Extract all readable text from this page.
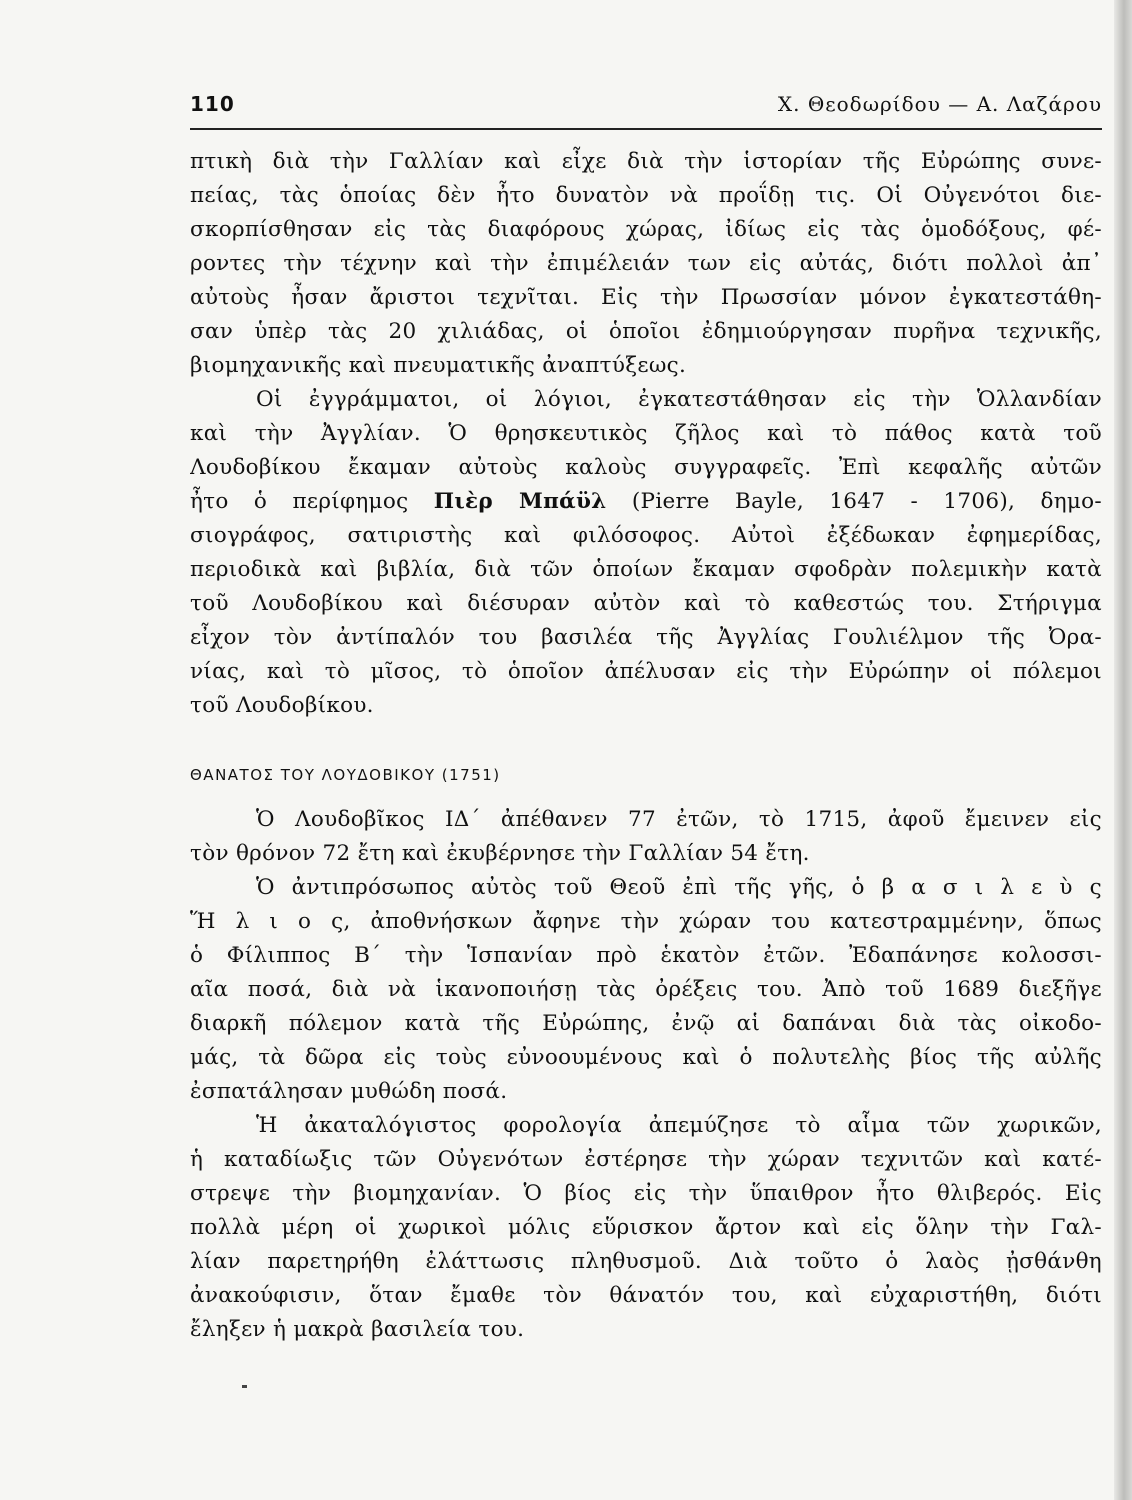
110	Χ. Θεοδωρίδου — Α. Λαζάρου
πτικὴ διὰ τὴν Γαλλίαν καὶ εἶχε διὰ τὴν ἱστορίαν τῆς Εὐρώπης συνε-
πείας, τὰς ὁποίας δὲν ἦτο δυνατὸν νὰ προΐδῃ τις. Οἱ Οὐγενότοι διε-
σκορπίσθησαν εἰς τὰς διαφόρους χώρας, ἰδίως εἰς τὰς ὁμοδόξους, φέ-
ροντες τὴν τέχνην καὶ τὴν ἐπιμέλειάν των εἰς αὐτάς, διότι πολλοὶ ἀπ᾽
αὐτοὺς ἦσαν ἄριστοι τεχνῖται. Εἰς τὴν Πρωσσίαν μόνον ἐγκατεστάθη-
σαν ὑπὲρ τὰς 20 χιλιάδας, οἱ ὁποῖοι ἐδημιούργησαν πυρῆνα τεχνικῆς,
βιομηχανικῆς καὶ πνευματικῆς ἀναπτύξεως.
Οἱ ἐγγράμματοι, οἱ λόγιοι, ἐγκατεστάθησαν εἰς τὴν Ὁλλανδίαν
καὶ τὴν Ἀγγλίαν. Ὁ θρησκευτικὸς ζῆλος καὶ τὸ πάθος κατὰ τοῦ
Λουδοβίκου ἔκαμαν αὐτοὺς καλοὺς συγγραφεῖς. Ἐπὶ κεφαλῆς αὐτῶν
ἦτο ὁ περίφημος Πιὲρ Μπάϋλ (Pierre Bayle, 1647 - 1706), δημο-
σιογράφος, σατιριστὴς καὶ φιλόσοφος. Αὐτοὶ ἐξέδωκαν ἐφημερίδας,
περιοδικὰ καὶ βιβλία, διὰ τῶν ὁποίων ἔκαμαν σφοδρὰν πολεμικὴν κατὰ
τοῦ Λουδοβίκου καὶ διέσυραν αὐτὸν καὶ τὸ καθεστώς του. Στήριγμα
εἶχον τὸν ἀντίπαλόν του βασιλέα τῆς Ἀγγλίας Γουλιέλμον τῆς Ὀρα-
νίας, καὶ τὸ μῖσος, τὸ ὁποῖον ἀπέλυσαν εἰς τὴν Εὐρώπην οἱ πόλεμοι
τοῦ Λουδοβίκου.
ΘΑΝΑΤΟΣ ΤΟΥ ΛΟΥΔΟΒΙΚΟΥ (1751)
Ὁ Λουδοβῖκος ΙΔ΄ ἀπέθανεν 77 ἐτῶν, τὸ 1715, ἀφοῦ ἔμεινεν εἰς
τὸν θρόνον 72 ἔτη καὶ ἐκυβέρνησε τὴν Γαλλίαν 54 ἔτη.
Ὁ ἀντιπρόσωπος αὐτὸς τοῦ Θεοῦ ἐπὶ τῆς γῆς, ὁ β α σ ι λ ε ὺ ς
Ἥ λ ι ο ς, ἀποθνήσκων ἄφηνε τὴν χώραν του κατεστραμμένην, ὅπως
ὁ Φίλιππος Β΄ τὴν Ἱσπανίαν πρὸ ἑκατὸν ἐτῶν. Ἐδαπάνησε κολοσσι-
αῖα ποσά, διὰ νὰ ἱκανοποιήσῃ τὰς ὀρέξεις του. Ἀπὸ τοῦ 1689 διεξῆγε
διαρκῆ πόλεμον κατὰ τῆς Εὐρώπης, ἐνῷ αἱ δαπάναι διὰ τὰς οἰκοδο-
μάς, τὰ δῶρα εἰς τοὺς εὐνοουμένους καὶ ὁ πολυτελὴς βίος τῆς αὐλῆς
ἐσπατάλησαν μυθώδη ποσά.
Ἡ ἀκαταλόγιστος φορολογία ἀπεμύζησε τὸ αἷμα τῶν χωρικῶν,
ἡ καταδίωξις τῶν Οὐγενότων ἐστέρησε τὴν χώραν τεχνιτῶν καὶ κατέ-
στρεψε τὴν βιομηχανίαν. Ὁ βίος εἰς τὴν ὕπαιθρον ἦτο θλιβερός. Εἰς
πολλὰ μέρη οἱ χωρικοὶ μόλις εὕρισκον ἄρτον καὶ εἰς ὅλην τὴν Γαλ-
λίαν παρετηρήθη ἐλάττωσις πληθυσμοῦ. Διὰ τοῦτο ὁ λαὸς ᾐσθάνθη
ἀνακούφισιν, ὅταν ἔμαθε τὸν θάνατόν του, καὶ εὐχαριστήθη, διότι
ἔληξεν ἡ μακρὰ βασιλεία του.
